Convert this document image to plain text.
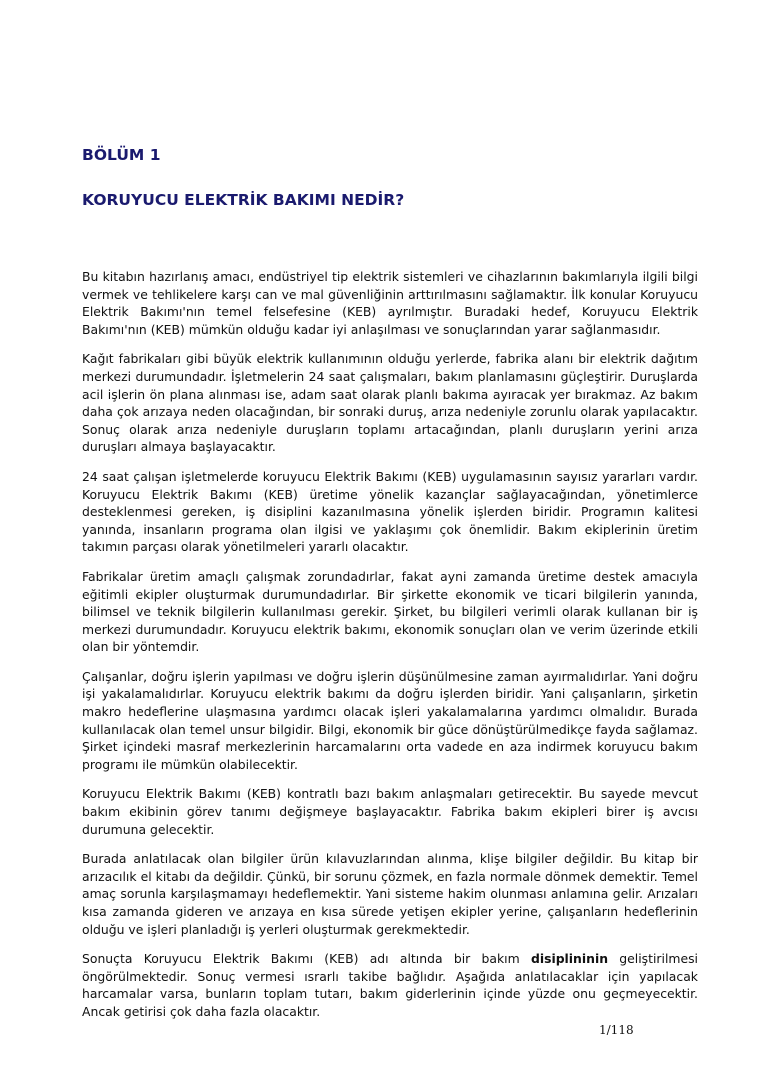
BÖLÜM 1
KORUYUCU ELEKTRİK BAKIMI NEDİR?

Bu kitabın hazırlanış amacı, endüstriyel tip elektrik sistemleri ve cihazlarının bakımlarıyla ilgili bilgi vermek ve tehlikelere karşı can ve mal güvenliğinin arttırılmasını sağlamaktır. İlk konular Koruyucu Elektrik Bakımı'nın temel felsefesine (KEB) ayrılmıştır. Buradaki hedef, Koruyucu Elektrik Bakımı'nın (KEB) mümkün olduğu kadar iyi anlaşılması ve sonuçlarından yarar sağlanmasıdır.

Kağıt fabrikaları gibi büyük elektrik kullanımının olduğu yerlerde, fabrika alanı bir elektrik dağıtım merkezi durumundadır. İşletmelerin 24 saat çalışmaları, bakım planlamasını güçleştirir. Duruşlarda acil işlerin ön plana alınması ise, adam saat olarak planlı bakıma ayıracak yer bırakmaz. Az bakım daha çok arızaya neden olacağından, bir sonraki duruş, arıza nedeniyle zorunlu olarak yapılacaktır. Sonuç olarak arıza nedeniyle duruşların toplamı artacağından, planlı duruşların yerini arıza duruşları almaya başlayacaktır.

24 saat çalışan işletmelerde koruyucu Elektrik Bakımı (KEB) uygulamasının sayısız yararları vardır. Koruyucu Elektrik Bakımı (KEB) üretime yönelik kazançlar sağlayacağından, yönetimlerce desteklenmesi gereken, iş disiplini kazanılmasına yönelik işlerden biridir. Programın kalitesi yanında, insanların programa olan ilgisi ve yaklaşımı çok önemlidir. Bakım ekiplerinin üretim takımın parçası olarak yönetilmeleri yararlı olacaktır.

Fabrikalar üretim amaçlı çalışmak zorundadırlar, fakat ayni zamanda üretime destek amacıyla eğitimli ekipler oluşturmak durumundadırlar. Bir şirkette ekonomik ve ticari bilgilerin yanında, bilimsel ve teknik bilgilerin kullanılması gerekir. Şirket, bu bilgileri verimli olarak kullanan bir iş merkezi durumundadır. Koruyucu elektrik bakımı, ekonomik sonuçları olan ve verim üzerinde etkili olan bir yöntemdir.

Çalışanlar, doğru işlerin yapılması ve doğru işlerin düşünülmesine zaman ayırmalıdırlar. Yani doğru işi yakalamalıdırlar. Koruyucu elektrik bakımı da doğru işlerden biridir. Yani çalışanların, şirketin makro hedeflerine ulaşmasına yardımcı olacak işleri yakalamalarına yardımcı olmalıdır. Burada kullanılacak olan temel unsur bilgidir. Bilgi, ekonomik bir güce dönüştürülmedikçe fayda sağlamaz. Şirket içindeki masraf merkezlerinin harcamalarını orta vadede en aza indirmek koruyucu bakım programı ile mümkün olabilecektir.

Koruyucu Elektrik Bakımı (KEB) kontratlı bazı bakım anlaşmaları getirecektir. Bu sayede mevcut bakım ekibinin görev tanımı değişmeye başlayacaktır. Fabrika bakım ekipleri birer iş avcısı durumuna gelecektir.

Burada anlatılacak olan bilgiler ürün kılavuzlarından alınma, klişe bilgiler değildir. Bu kitap bir arızacılık el kitabı da değildir. Çünkü, bir sorunu çözmek, en fazla normale dönmek demektir. Temel amaç sorunla karşılaşmamayı hedeflemektir. Yani sisteme hakim olunması anlamına gelir. Arızaları kısa zamanda gideren ve arızaya en kısa sürede yetişen ekipler yerine, çalışanların hedeflerinin olduğu ve işleri planladığı iş yerleri oluşturmak gerekmektedir.

Sonuçta Koruyucu Elektrik Bakımı (KEB) adı altında bir bakım disiplininin geliştirilmesi öngörülmektedir. Sonuç vermesi ısrarlı takibe bağlıdır. Aşağıda anlatılacaklar için yapılacak harcamalar varsa, bunların toplam tutarı, bakım giderlerinin içinde yüzde onu geçmeyecektir. Ancak getirisi çok daha fazla olacaktır.

1/118
